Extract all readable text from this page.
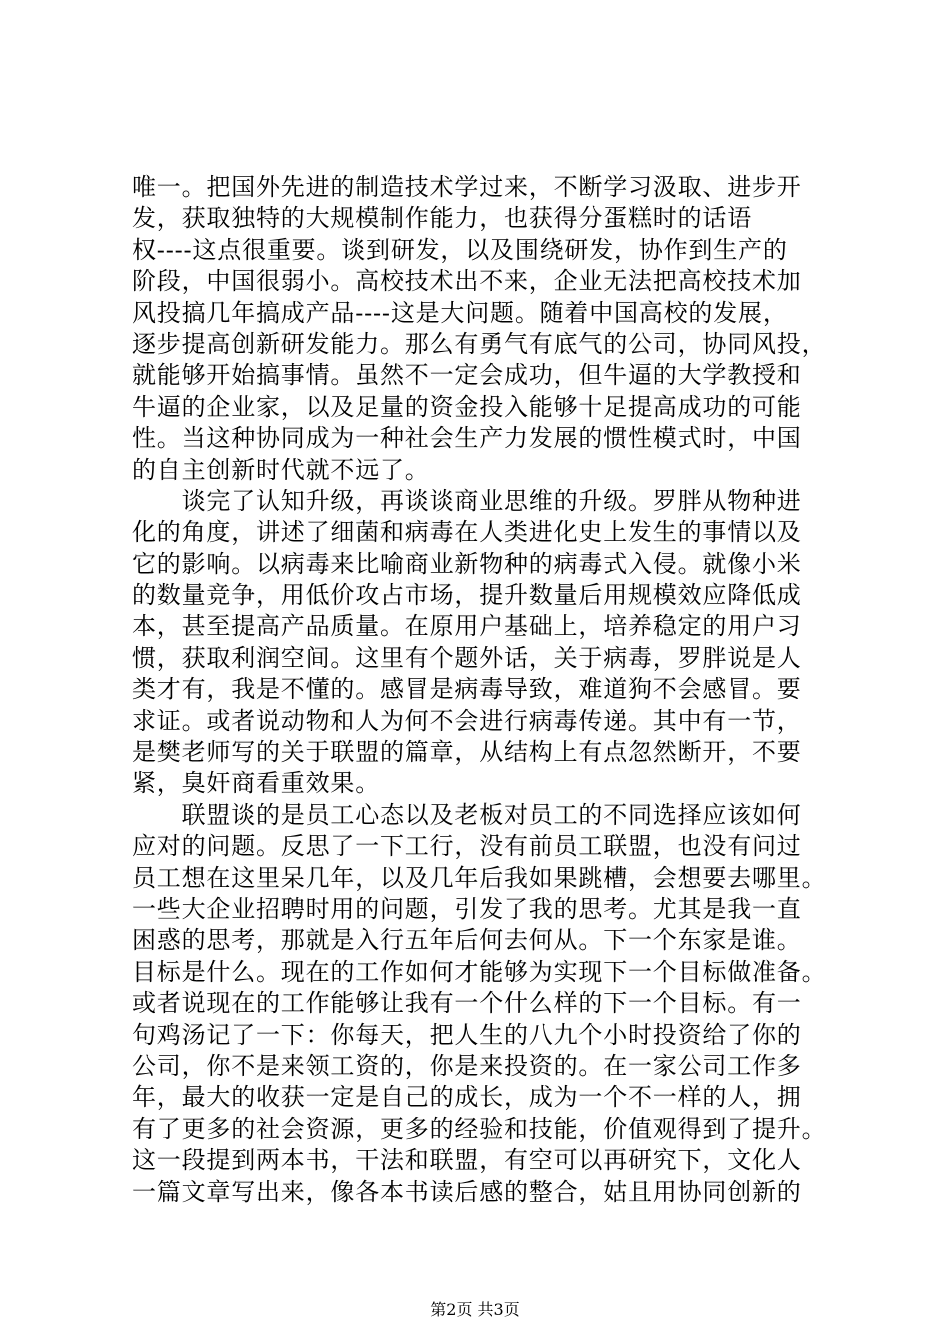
唯一。把国外先进的制造技术学过来，不断学习汲取、进步开
发，获取独特的大规模制作能力，也获得分蛋糕时的话语
权----这点很重要。谈到研发，以及围绕研发，协作到生产的
阶段，中国很弱小。高校技术出不来，企业无法把高校技术加
风投搞几年搞成产品----这是大问题。随着中国高校的发展，
逐步提高创新研发能力。那么有勇气有底气的公司，协同风投，
就能够开始搞事情。虽然不一定会成功，但牛逼的大学教授和
牛逼的企业家，以及足量的资金投入能够十足提高成功的可能
性。当这种协同成为一种社会生产力发展的惯性模式时，中国
的自主创新时代就不远了。
　　谈完了认知升级，再谈谈商业思维的升级。罗胖从物种进
化的角度，讲述了细菌和病毒在人类进化史上发生的事情以及
它的影响。以病毒来比喻商业新物种的病毒式入侵。就像小米
的数量竞争，用低价攻占市场，提升数量后用规模效应降低成
本，甚至提高产品质量。在原用户基础上，培养稳定的用户习
惯，获取利润空间。这里有个题外话，关于病毒，罗胖说是人
类才有，我是不懂的。感冒是病毒导致，难道狗不会感冒。要
求证。或者说动物和人为何不会进行病毒传递。其中有一节，
是樊老师写的关于联盟的篇章，从结构上有点忽然断开，不要
紧，臭奸商看重效果。
　　联盟谈的是员工心态以及老板对员工的不同选择应该如何
应对的问题。反思了一下工行，没有前员工联盟，也没有问过
员工想在这里呆几年，以及几年后我如果跳槽，会想要去哪里。
一些大企业招聘时用的问题，引发了我的思考。尤其是我一直
困惑的思考，那就是入行五年后何去何从。下一个东家是谁。
目标是什么。现在的工作如何才能够为实现下一个目标做准备。
或者说现在的工作能够让我有一个什么样的下一个目标。有一
句鸡汤记了一下：你每天，把人生的八九个小时投资给了你的
公司，你不是来领工资的，你是来投资的。在一家公司工作多
年，最大的收获一定是自己的成长，成为一个不一样的人，拥
有了更多的社会资源，更多的经验和技能，价值观得到了提升。
这一段提到两本书，干法和联盟，有空可以再研究下，文化人
一篇文章写出来，像各本书读后感的整合，姑且用协同创新的
第2页 共3页
